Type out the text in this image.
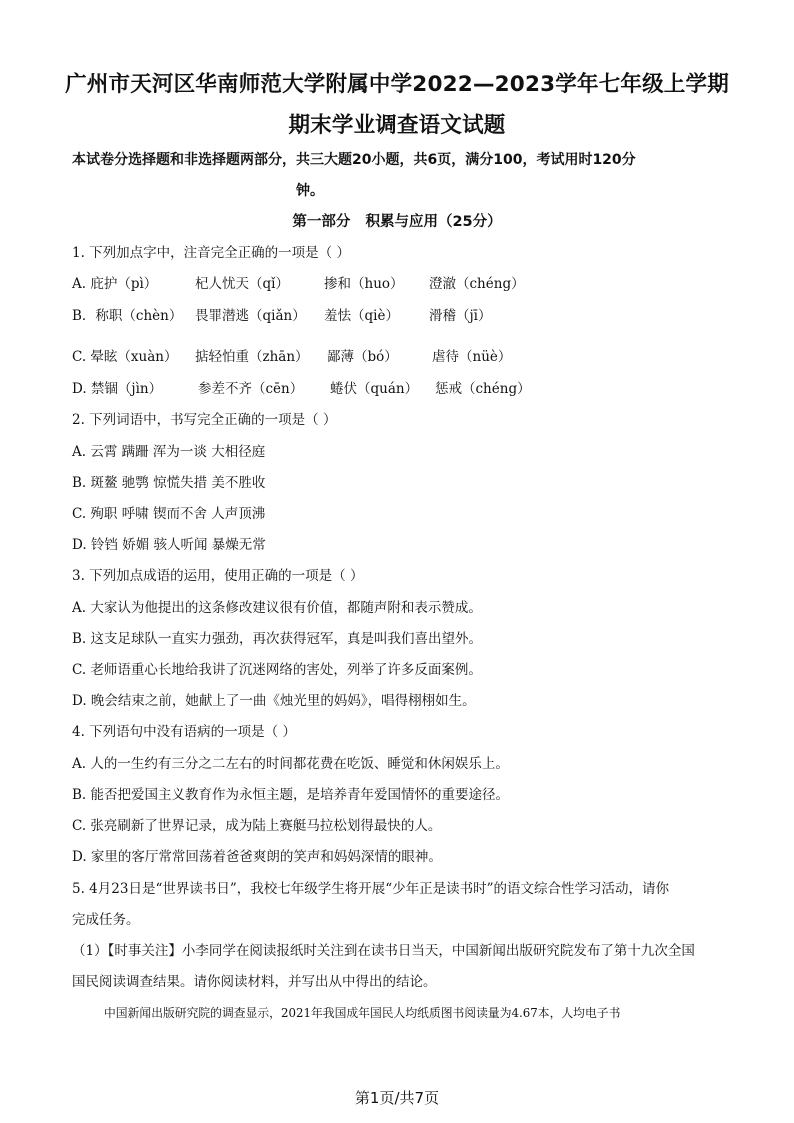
广州市天河区华南师范大学附属中学2022—2023学年七年级上学期
期末学业调查语文试题
本试卷分选择题和非选择题两部分，共三大题20小题，共6页，满分100，考试用时120分
钟。
第一部分   积累与应用（25分）
1. 下列加点字中，注音完全正确的一项是（ ）
A. 庇护（pì）	杞人忧天（qǐ）	掺和（huo） 澄澈（chéng）
B．称职（chèn） 畏罪潜逃（qiǎn） 羞怯（qiè） 滑稽（jī）
C. 晕眩（xuàn） 掂轻怕重（zhān） 鄙薄（bó）	虐待（nüè）
D. 禁锢（jìn）	参差不齐（cēn） 蜷伏（quán） 惩戒（chéng）
2. 下列词语中，书写完全正确的一项是（ ）
A. 云霄 蹒跚 浑为一谈 大相径庭
B. 斑鳌 驰鹗 惊慌失措 美不胜收
C. 殉职 呼啸 锲而不舍 人声顶沸
D. 铃铛 娇媚 骇人听闻 暴燥无常
3. 下列加点成语的运用，使用正确的一项是（ ）
A. 大家认为他提出的这条修改建议很有价值，都随声附和表示赞成。
B. 这支足球队一直实力强劲，再次获得冠军，真是叫我们喜出望外。
C. 老师语重心长地给我讲了沉迷网络的害处，列举了许多反面案例。
D. 晚会结束之前，她献上了一曲《烛光里的妈妈》，唱得栩栩如生。
4. 下列语句中没有语病的一项是（ ）
A. 人的一生约有三分之二左右的时间都花费在吃饭、睡觉和休闲娱乐上。
B. 能否把爱国主义教育作为永恒主题，是培养青年爱国情怀的重要途径。
C. 张亮刷新了世界记录，成为陆上赛艇马拉松划得最快的人。
D. 家里的客厅常常回荡着爸爸爽朗的笑声和妈妈深情的眼神。
5. 4月23日是“世界读书日”，我校七年级学生将开展“少年正是读书时”的语文综合性学习活动，请你
完成任务。
（1）【时事关注】小李同学在阅读报纸时关注到在读书日当天，中国新闻出版研究院发布了第十九次全国
国民阅读调查结果。请你阅读材料，并写出从中得出的结论。
中国新闻出版研究院的调查显示，2021年我国成年国民人均纸质图书阅读量为4.67本，人均电子书
第1页/共7页
